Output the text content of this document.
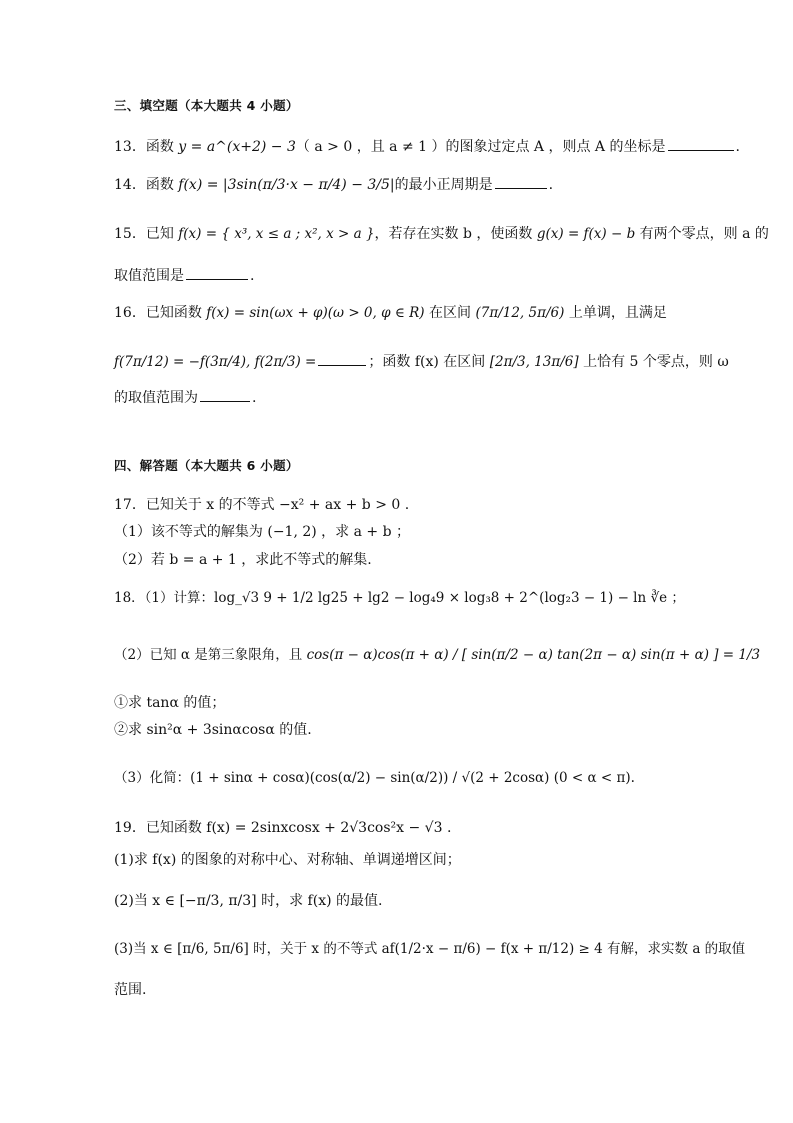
三、填空题（本大题共 4 小题）
13．函数 y = a^(x+2) − 3（ a > 0 ，且 a ≠ 1 ）的图象过定点 A ，则点 A 的坐标是	.
14．函数 f(x) = |3sin(π/3·x − π/4) − 3/5|的最小正周期是	.
15．已知 f(x) = { x³, x ≤ a ; x², x > a }，若存在实数 b ，使函数 g(x) = f(x) − b 有两个零点，则 a 的
取值范围是	.
16．已知函数 f(x) = sin(ωx + φ)(ω > 0, φ ∈ R) 在区间 (7π/12, 5π/6) 上单调，且满足
f(7π/12) = −f(3π/4), f(2π/3) =	；函数 f(x) 在区间 [2π/3, 13π/6] 上恰有 5 个零点，则 ω
的取值范围为	.
四、解答题（本大题共 6 小题）
17．已知关于 x 的不等式 −x² + ax + b > 0 .
（1）该不等式的解集为 (−1, 2) ，求 a + b ；
（2）若 b = a + 1 ，求此不等式的解集.
18．（1）计算：log_√3 9 + 1/2 lg25 + lg2 − log₄9 × log₃8 + 2^(log₂3 − 1) − ln ∛e ；
（2）已知 α 是第三象限角，且 cos(π − α)cos(π + α) / [ sin(π/2 − α) tan(2π − α) sin(π + α) ] = 1/3
①求 tanα 的值；
②求 sin²α + 3sinαcosα 的值.
（3）化简：(1 + sinα + cosα)(cos(α/2) − sin(α/2)) / √(2 + 2cosα) (0 < α < π).
19．已知函数 f(x) = 2sinxcosx + 2√3cos²x − √3 .
(1)求 f(x) 的图象的对称中心、对称轴、单调递增区间；
(2)当 x ∈ [−π/3, π/3] 时，求 f(x) 的最值.
(3)当 x ∈ [π/6, 5π/6] 时，关于 x 的不等式 af(1/2·x − π/6) − f(x + π/12) ≥ 4 有解，求实数 a 的取值
范围.
